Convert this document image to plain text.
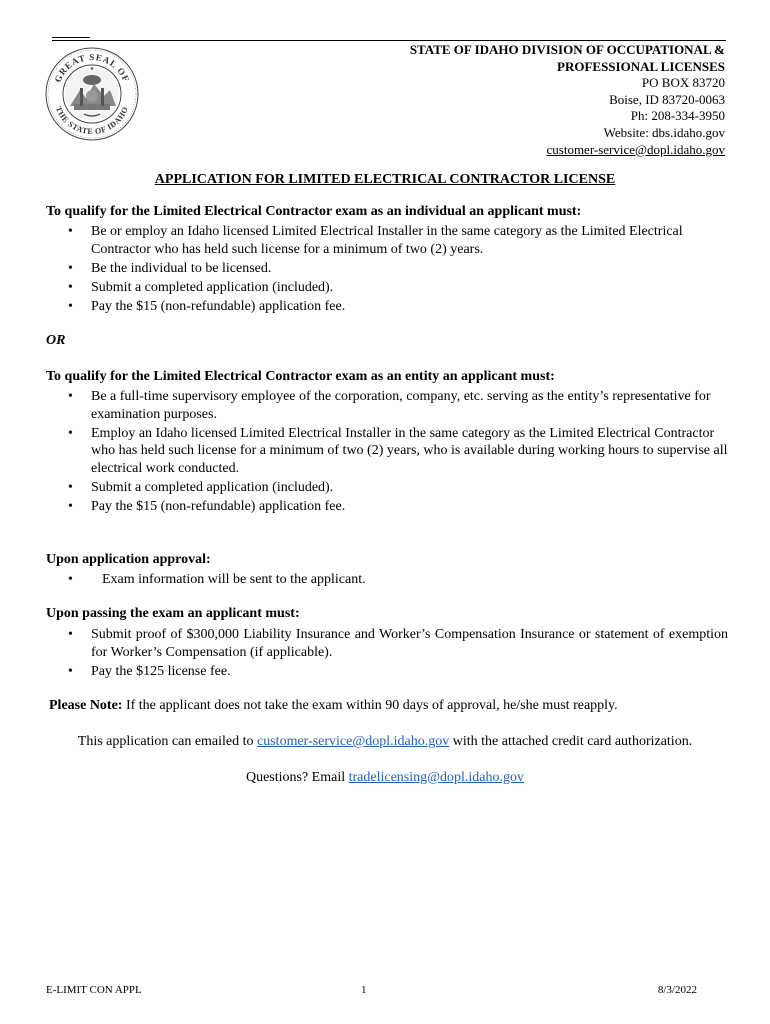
GREAT SEAL OF
THE STATE OF IDAHO
★
STATE OF IDAHO DIVISION OF OCCUPATIONAL &
PROFESSIONAL LICENSES
PO BOX 83720
Boise, ID 83720-0063
Ph: 208-334-3950
Website: dbs.idaho.gov
customer-service@dopl.idaho.gov
APPLICATION FOR LIMITED ELECTRICAL CONTRACTOR LICENSE
To qualify for the Limited Electrical Contractor exam as an individual an applicant must:
• Be or employ an Idaho licensed Limited Electrical Installer in the same category as the Limited Electrical Contractor who has held such license for a minimum of two (2) years.
• Be the individual to be licensed.
• Submit a completed application (included).
• Pay the $15 (non-refundable) application fee.
OR
To qualify for the Limited Electrical Contractor exam as an entity an applicant must:
• Be a full-time supervisory employee of the corporation, company, etc. serving as the entity’s representative for examination purposes.
• Employ an Idaho licensed Limited Electrical Installer in the same category as the Limited Electrical Contractor who has held such license for a minimum of two (2) years, who is available during working hours to supervise all electrical work conducted.
• Submit a completed application (included).
• Pay the $15 (non-refundable) application fee.
Upon application approval:
• Exam information will be sent to the applicant.
Upon passing the exam an applicant must:
• Submit proof of $300,000 Liability Insurance and Worker’s Compensation Insurance or statement of exemption for Worker’s Compensation (if applicable).
• Pay the $125 license fee.
Please Note: If the applicant does not take the exam within 90 days of approval, he/she must reapply.
This application can emailed to customer-service@dopl.idaho.gov with the attached credit card authorization.
Questions? Email tradelicensing@dopl.idaho.gov
E-LIMIT CON APPL	1	8/3/2022
